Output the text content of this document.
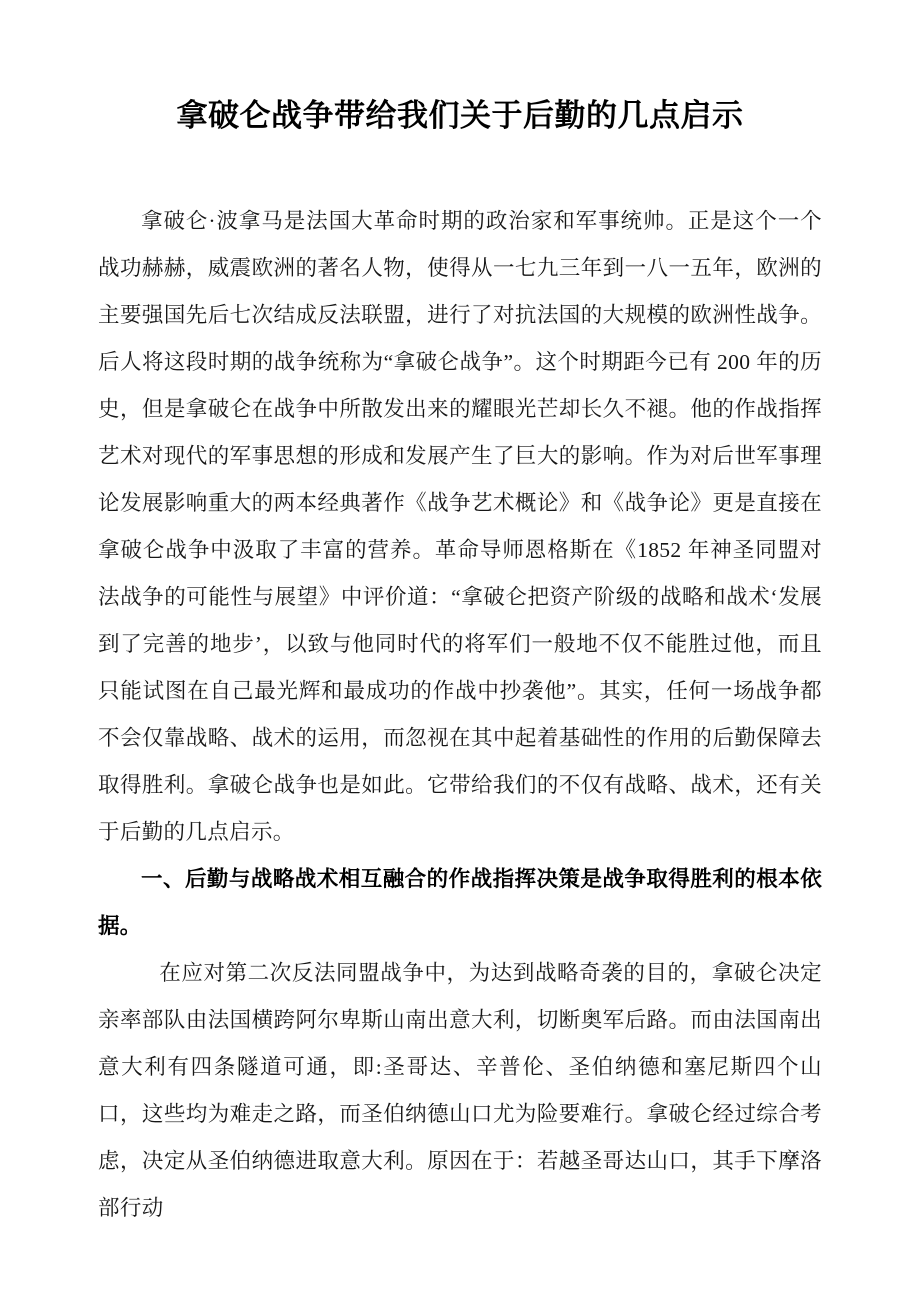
拿破仑战争带给我们关于后勤的几点启示

拿破仑·波拿马是法国大革命时期的政治家和军事统帅。正是这个一个战功赫赫，威震欧洲的著名人物，使得从一七九三年到一八一五年，欧洲的主要强国先后七次结成反法联盟，进行了对抗法国的大规模的欧洲性战争。后人将这段时期的战争统称为“拿破仑战争”。这个时期距今已有 200 年的历史，但是拿破仑在战争中所散发出来的耀眼光芒却长久不褪。他的作战指挥艺术对现代的军事思想的形成和发展产生了巨大的影响。作为对后世军事理论发展影响重大的两本经典著作《战争艺术概论》和《战争论》更是直接在拿破仑战争中汲取了丰富的营养。革命导师恩格斯在《1852 年神圣同盟对法战争的可能性与展望》中评价道：“拿破仑把资产阶级的战略和战术‘发展到了完善的地步’，以致与他同时代的将军们一般地不仅不能胜过他，而且只能试图在自己最光辉和最成功的作战中抄袭他”。其实，任何一场战争都不会仅靠战略、战术的运用，而忽视在其中起着基础性的作用的后勤保障去取得胜利。拿破仑战争也是如此。它带给我们的不仅有战略、战术，还有关于后勤的几点启示。

一、后勤与战略战术相互融合的作战指挥决策是战争取得胜利的根本依据。

在应对第二次反法同盟战争中，为达到战略奇袭的目的，拿破仑决定亲率部队由法国横跨阿尔卑斯山南出意大利，切断奥军后路。而由法国南出意大利有四条隧道可通，即:圣哥达、辛普伦、圣伯纳德和塞尼斯四个山口，这些均为难走之路，而圣伯纳德山口尤为险要难行。拿破仑经过综合考虑，决定从圣伯纳德进取意大利。原因在于：若越圣哥达山口，其手下摩洛部行动
